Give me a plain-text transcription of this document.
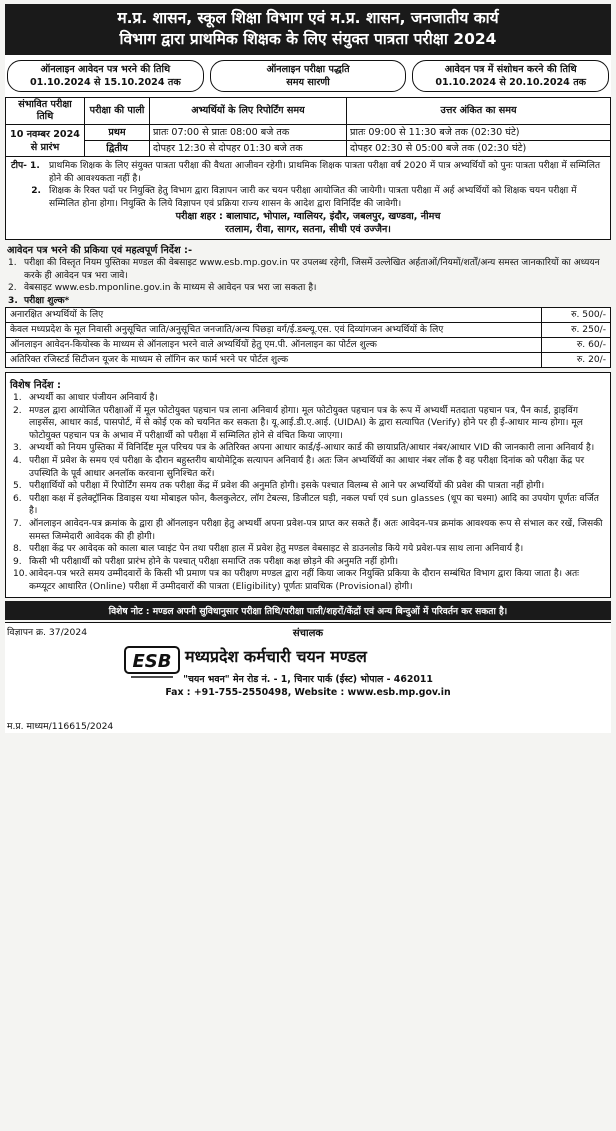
म.प्र. शासन, स्कूल शिक्षा विभाग एवं म.प्र. शासन, जनजातीय कार्य
विभाग द्वारा प्राथमिक शिक्षक के लिए संयुक्त पात्रता परीक्षा 2024
ऑनलाइन आवेदन पत्र भरने की तिथि
01.10.2024 से 15.10.2024 तक
ऑनलाइन परीक्षा पद्धति
समय सारणी
आवेदन पत्र में संशोधन करने की तिथि
01.10.2024 से 20.10.2024 तक
संभावित परीक्षा तिथि	परीक्षा की पाली	अभ्यर्थियों के लिए रिपोर्टिंग समय	उत्तर अंकित का समय
10 नवम्बर 2024 से प्रारंभ	प्रथम	प्रातः 07:00 से प्रातः 08:00 बजे तक	प्रातः 09:00 से 11:30 बजे तक (02:30 घंटे)
	द्वितीय	दोपहर 12:30 से दोपहर 01:30 बजे तक	दोपहर 02:30 से 05:00 बजे तक (02:30 घंटे)
टीप- 1.	प्राथमिक शिक्षक के लिए संयुक्त पात्रता परीक्षा की वैधता आजीवन रहेगी। प्राथमिक शिक्षक पात्रता परीक्षा वर्ष 2020 में पात्र अभ्यर्थियों को पुनः पात्रता परीक्षा में सम्मिलित होने की आवश्यकता नहीं है।
2. शिक्षक के रिक्त पदों पर नियुक्ति हेतु विभाग द्वारा विज्ञापन जारी कर चयन परीक्षा आयोजित की जायेगी। पात्रता परीक्षा में अर्ह अभ्यर्थियों को शिक्षक चयन परीक्षा में सम्मिलित होना होगा। नियुक्ति के लिये विज्ञापन एवं प्रक्रिया राज्य शासन के आदेश द्वारा विनिर्दिष्ट की जावेगी।
परीक्षा शहर : बालाघाट, भोपाल, ग्वालियर, इंदौर, जबलपुर, खण्डवा, नीमच
रतलाम, रीवा, सागर, सतना, सीधी एवं उज्जैन।
आवेदन पत्र भरने की प्रकिया एवं महत्वपूर्ण निर्देश :-
1. परीक्षा की विस्तृत नियम पुस्तिका मण्डल की वेबसाइट www.esb.mp.gov.in पर उपलब्ध रहेगी, जिसमें उल्लेखित अर्हताओं/नियमों/शर्तों/अन्य समस्त जानकारियों का अध्ययन करके ही आवेदन पत्र भरा जावे।
2. वेबसाइट www.esb.mponline.gov.in के माध्यम से आवेदन पत्र भरा जा सकता है।
3. परीक्षा शुल्क*
अनारक्षित अभ्यर्थियों के लिए	रु. 500/-
केवल मध्यप्रदेश के मूल निवासी अनुसूचित जाति/अनुसूचित जनजाति/अन्य पिछड़ा वर्ग/ई.डब्ल्यू.एस. एवं दिव्यांगजन अभ्यर्थियों के लिए	रु. 250/-
ऑनलाइन आवेदन-कियोस्क के माध्यम से ऑनलाइन भरने वाले अभ्यर्थियों हेतु एम.पी. ऑनलाइन का पोर्टल शुल्क	रु. 60/-
अतिरिक्त रजिस्टर्ड सिटीजन यूजर के माध्यम से लॉगिन कर फार्म भरने पर पोर्टल शुल्क	रु. 20/-
विशेष निर्देश :
1. अभ्यर्थी का आधार पंजीयन अनिवार्य है।
2. मण्डल द्वारा आयोजित परीक्षाओं में मूल फोटोयुक्त पहचान पत्र लाना अनिवार्य होगा। मूल फोटोयुक्त पहचान पत्र के रूप में अभ्यर्थी मतदाता पहचान पत्र, पैन कार्ड, ड्राइविंग लाइसेंस, आधार कार्ड, पासपोर्ट, में से कोई एक को चयनित कर सकता है। यू.आई.डी.ए.आई. (UIDAI) के द्वारा सत्यापित (Verify) होने पर ही ई-आधार मान्य होगा। मूल फोटोयुक्त पहचान पत्र के अभाव में परीक्षार्थी को परीक्षा में सम्मिलित होने से वंचित किया जाएगा।
3. अभ्यर्थी को नियम पुस्तिका में विनिर्दिष्ट मूल परिचय पत्र के अतिरिक्त अपना आधार कार्ड/ई-आधार कार्ड की छायाप्रति/आधार नंबर/आधार VID की जानकारी लाना अनिवार्य है।
4. परीक्षा में प्रवेश के समय एवं परीक्षा के दौरान बहुस्तरीय बायोमेट्रिक सत्यापन अनिवार्य है। अतः जिन अभ्यर्थियों का आधार नंबर लॉक है वह परीक्षा दिनांक को परीक्षा केंद्र पर उपस्थिति के पूर्व आधार अनलॉक करवाना सुनिश्चित करें।
5. परीक्षार्थियों को परीक्षा में रिपोर्टिंग समय तक परीक्षा केंद्र में प्रवेश की अनुमति होगी। इसके पश्चात विलम्ब से आने पर अभ्यर्थियों की प्रवेश की पात्रता नहीं होगी।
6. परीक्षा कक्ष में इलेक्ट्रॉनिक डिवाइस यथा मोबाइल फोन, कैलकुलेटर, लॉग टेबल्स, डिजीटल घड़ी, नकल पर्चा एवं sun glasses (धूप का चश्मा) आदि का उपयोग पूर्णतः वर्जित है।
7. ऑनलाइन आवेदन-पत्र क्रमांक के द्वारा ही ऑनलाइन परीक्षा हेतु अभ्यर्थी अपना प्रवेश-पत्र प्राप्त कर सकते हैं। अतः आवेदन-पत्र क्रमांक आवश्यक रूप से संभाल कर रखें, जिसकी समस्त जिम्मेदारी आवेदक की ही होगी।
8. परीक्षा केंद्र पर आवेदक को काला बाल प्वाइंट पेन तथा परीक्षा हाल में प्रवेश हेतु मण्डल वेबसाइट से डाउनलोड किये गये प्रवेश-पत्र साथ लाना अनिवार्य है।
9. किसी भी परीक्षार्थी को परीक्षा प्रारंभ होने के पश्चात् परीक्षा समाप्ति तक परीक्षा कक्ष छोड़ने की अनुमति नहीं होगी।
10. आवेदन-पत्र भरते समय उम्मीदवारों के किसी भी प्रमाण पत्र का परीक्षण मण्डल द्वारा नहीं किया जाकर नियुक्ति प्रकिया के दौरान सम्बंधित विभाग द्वारा किया जाता है। अतः कम्प्यूटर आधारित (Online) परीक्षा में उम्मीदवारों की पात्रता (Eligibility) पूर्णतः प्रावधिक (Provisional) होगी।
विशेष नोट : मण्डल अपनी सुविधानुसार परीक्षा तिथि/परीक्षा पाली/शहरों/केंद्रों एवं अन्य बिन्दुओं में परिवर्तन कर सकता है।
विज्ञापन क्र. 37/2024	संचालक
ESB मध्यप्रदेश कर्मचारी चयन मण्डल
"चयन भवन" मेन रोड नं. - 1, चिनार पार्क (ईस्ट) भोपाल - 462011
Fax : +91-755-2550498, Website : www.esb.mp.gov.in
म.प्र. माध्यम/116615/2024
